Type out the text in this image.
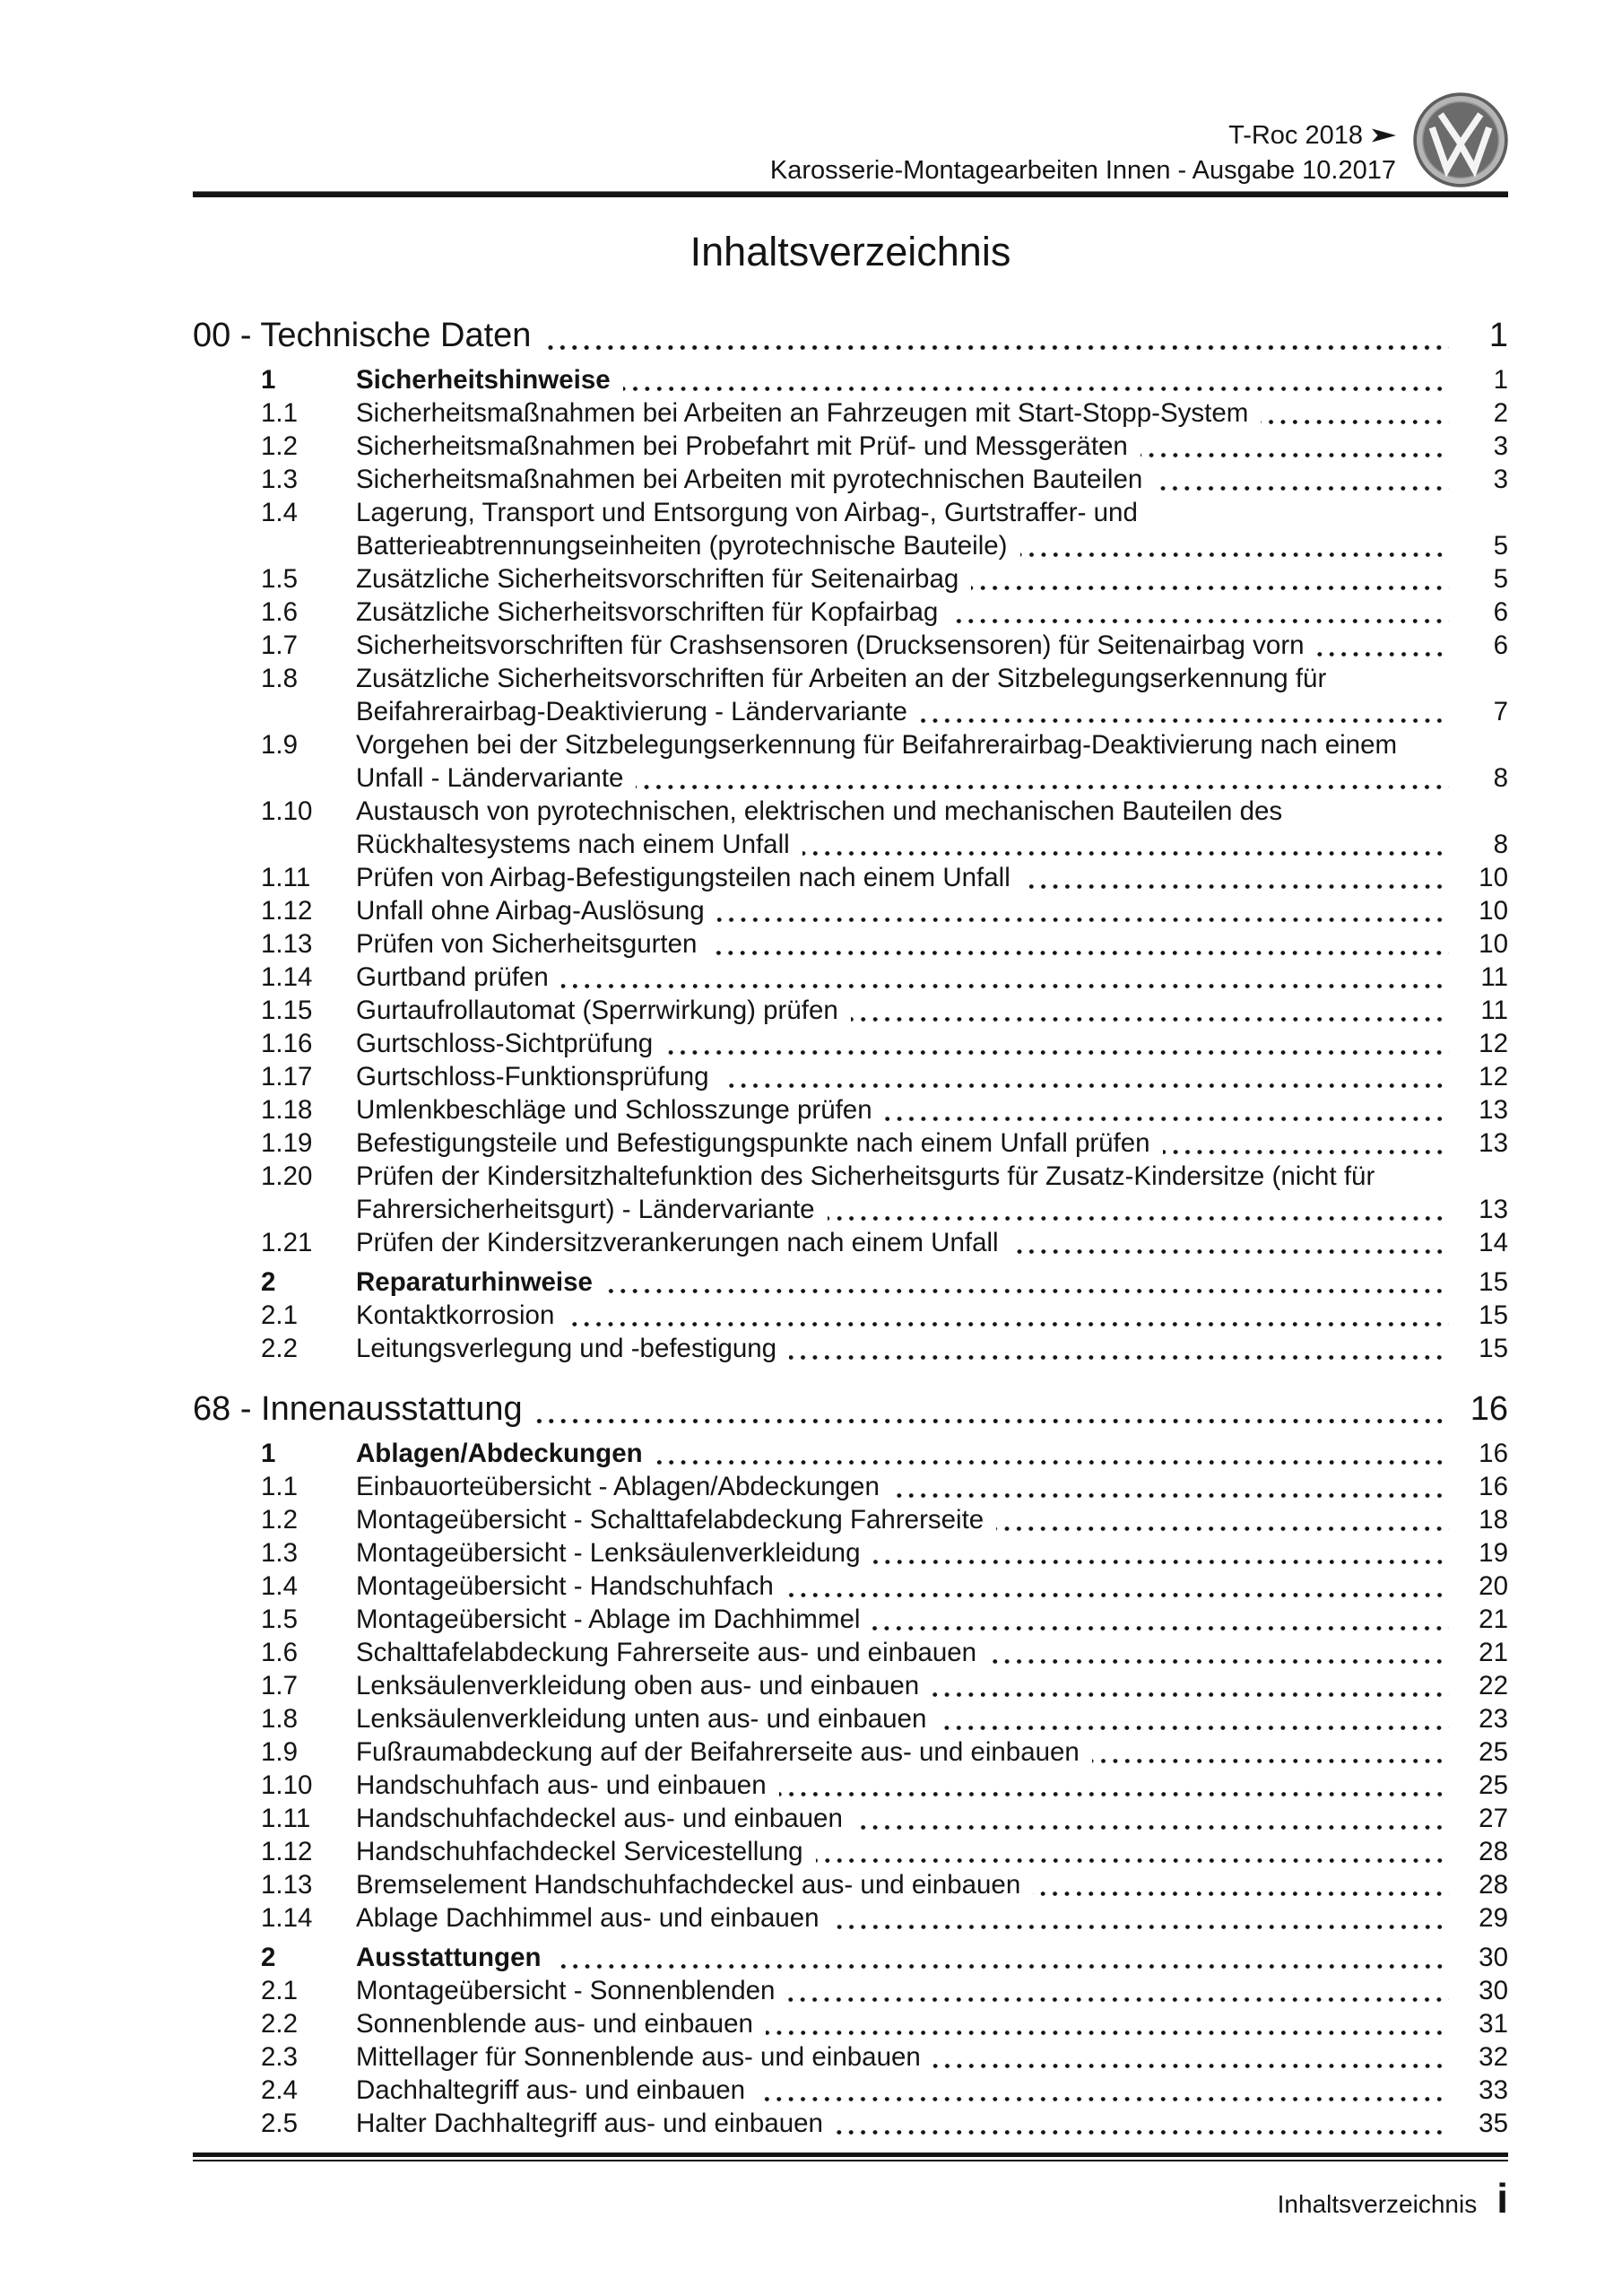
T-Roc 2018
Karosserie-Montagearbeiten Innen - Ausgabe 10.2017
Inhaltsverzeichnis
00 - Technische Daten	1
1	Sicherheitshinweise	1
1.1	Sicherheitsmaßnahmen bei Arbeiten an Fahrzeugen mit Start-Stopp-System	2
1.2	Sicherheitsmaßnahmen bei Probefahrt mit Prüf- und Messgeräten	3
1.3	Sicherheitsmaßnahmen bei Arbeiten mit pyrotechnischen Bauteilen	3
1.4	Lagerung, Transport und Entsorgung von Airbag-, Gurtstraffer- und
Batterieabtrennungseinheiten (pyrotechnische Bauteile)	5
1.5	Zusätzliche Sicherheitsvorschriften für Seitenairbag	5
1.6	Zusätzliche Sicherheitsvorschriften für Kopfairbag	6
1.7	Sicherheitsvorschriften für Crashsensoren (Drucksensoren) für Seitenairbag vorn	6
1.8	Zusätzliche Sicherheitsvorschriften für Arbeiten an der Sitzbelegungserkennung für
Beifahrerairbag-Deaktivierung - Ländervariante	7
1.9	Vorgehen bei der Sitzbelegungserkennung für Beifahrerairbag-Deaktivierung nach einem
Unfall - Ländervariante	8
1.10	Austausch von pyrotechnischen, elektrischen und mechanischen Bauteilen des
Rückhaltesystems nach einem Unfall	8
1.11	Prüfen von Airbag-Befestigungsteilen nach einem Unfall	10
1.12	Unfall ohne Airbag-Auslösung	10
1.13	Prüfen von Sicherheitsgurten	10
1.14	Gurtband prüfen	11
1.15	Gurtaufrollautomat (Sperrwirkung) prüfen	11
1.16	Gurtschloss-Sichtprüfung	12
1.17	Gurtschloss-Funktionsprüfung	12
1.18	Umlenkbeschläge und Schlosszunge prüfen	13
1.19	Befestigungsteile und Befestigungspunkte nach einem Unfall prüfen	13
1.20	Prüfen der Kindersitzhaltefunktion des Sicherheitsgurts für Zusatz-Kindersitze (nicht für
Fahrersicherheitsgurt) - Ländervariante	13
1.21	Prüfen der Kindersitzverankerungen nach einem Unfall	14
2	Reparaturhinweise	15
2.1	Kontaktkorrosion	15
2.2	Leitungsverlegung und -befestigung	15
68 - Innenausstattung	16
1	Ablagen/Abdeckungen	16
1.1	Einbauorteübersicht - Ablagen/Abdeckungen	16
1.2	Montageübersicht - Schalttafelabdeckung Fahrerseite	18
1.3	Montageübersicht - Lenksäulenverkleidung	19
1.4	Montageübersicht - Handschuhfach	20
1.5	Montageübersicht - Ablage im Dachhimmel	21
1.6	Schalttafelabdeckung Fahrerseite aus- und einbauen	21
1.7	Lenksäulenverkleidung oben aus- und einbauen	22
1.8	Lenksäulenverkleidung unten aus- und einbauen	23
1.9	Fußraumabdeckung auf der Beifahrerseite aus- und einbauen	25
1.10	Handschuhfach aus- und einbauen	25
1.11	Handschuhfachdeckel aus- und einbauen	27
1.12	Handschuhfachdeckel Servicestellung	28
1.13	Bremselement Handschuhfachdeckel aus- und einbauen	28
1.14	Ablage Dachhimmel aus- und einbauen	29
2	Ausstattungen	30
2.1	Montageübersicht - Sonnenblenden	30
2.2	Sonnenblende aus- und einbauen	31
2.3	Mittellager für Sonnenblende aus- und einbauen	32
2.4	Dachhaltegriff aus- und einbauen	33
2.5	Halter Dachhaltegriff aus- und einbauen	35
Inhaltsverzeichnis i
